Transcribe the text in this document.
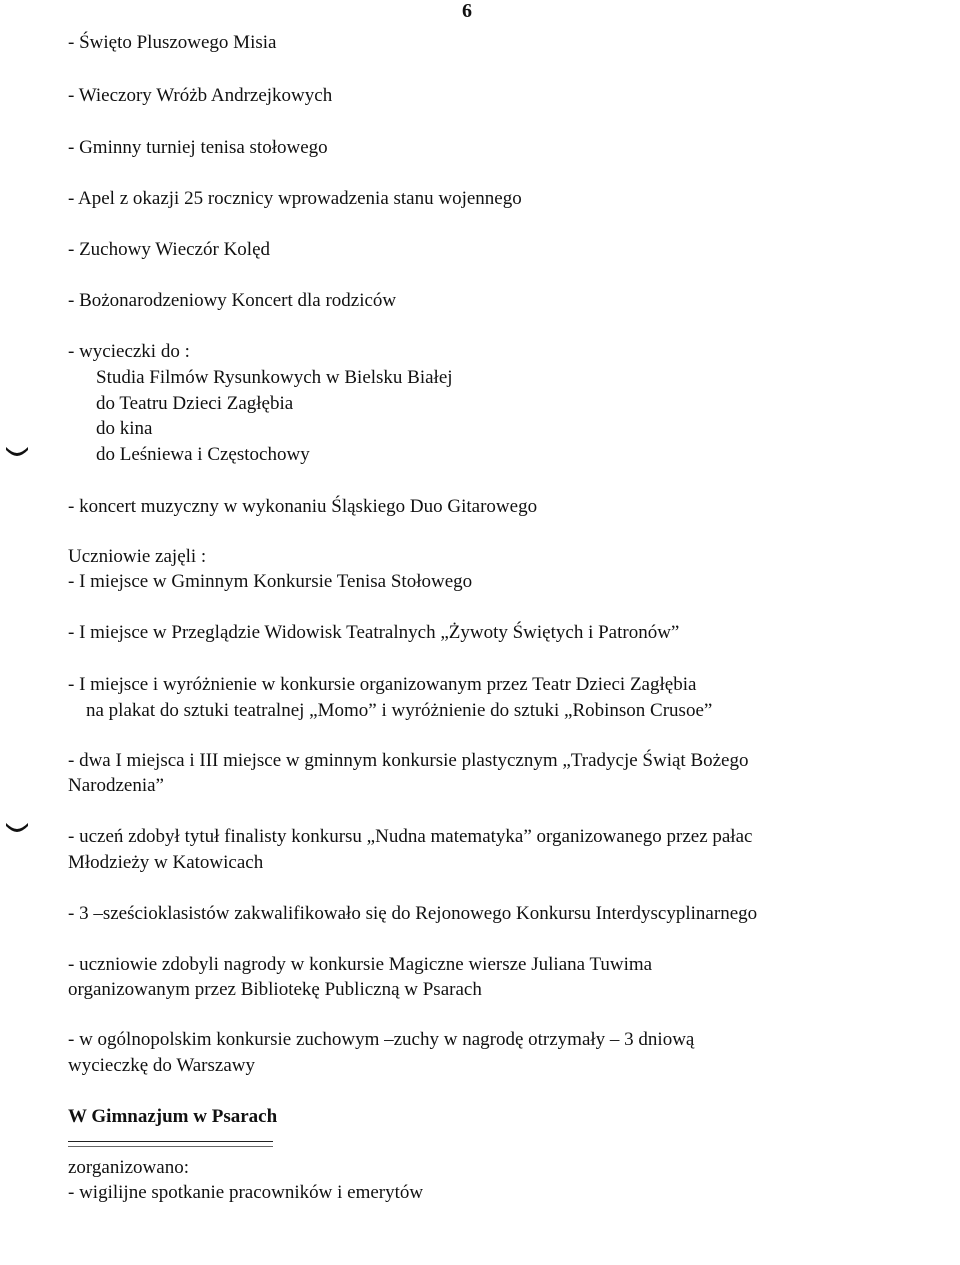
6
- Święto Pluszowego Misia
- Wieczory Wróżb Andrzejkowych
- Gminny turniej tenisa stołowego
- Apel z okazji 25 rocznicy wprowadzenia stanu wojennego
- Zuchowy Wieczór Kolęd
- Bożonarodzeniowy Koncert dla rodziców
- wycieczki do :
Studia Filmów Rysunkowych w Bielsku Białej
do Teatru Dzieci Zagłębia
do kina
do Leśniewa i Częstochowy
- koncert muzyczny w wykonaniu Śląskiego Duo Gitarowego
Uczniowie zajęli :
- I miejsce w Gminnym Konkursie Tenisa Stołowego
- I miejsce w Przeglądzie Widowisk Teatralnych „Żywoty Świętych i Patronów”
- I miejsce i wyróżnienie w konkursie organizowanym przez Teatr Dzieci Zagłębia
na plakat do sztuki teatralnej „Momo” i wyróżnienie do sztuki „Robinson Crusoe”
- dwa I miejsca i III miejsce w gminnym konkursie plastycznym „Tradycje Świąt Bożego
Narodzenia”
- uczeń zdobył tytuł finalisty konkursu „Nudna matematyka” organizowanego przez pałac
Młodzieży w Katowicach
- 3 –sześcioklasistów zakwalifikowało się do Rejonowego Konkursu Interdyscyplinarnego
- uczniowie zdobyli nagrody w konkursie Magiczne wiersze Juliana Tuwima
organizowanym przez Bibliotekę Publiczną w Psarach
- w ogólnopolskim konkursie zuchowym –zuchy w nagrodę otrzymały – 3 dniową
wycieczkę do Warszawy
W Gimnazjum w Psarach
zorganizowano:
- wigilijne spotkanie pracowników i emerytów
